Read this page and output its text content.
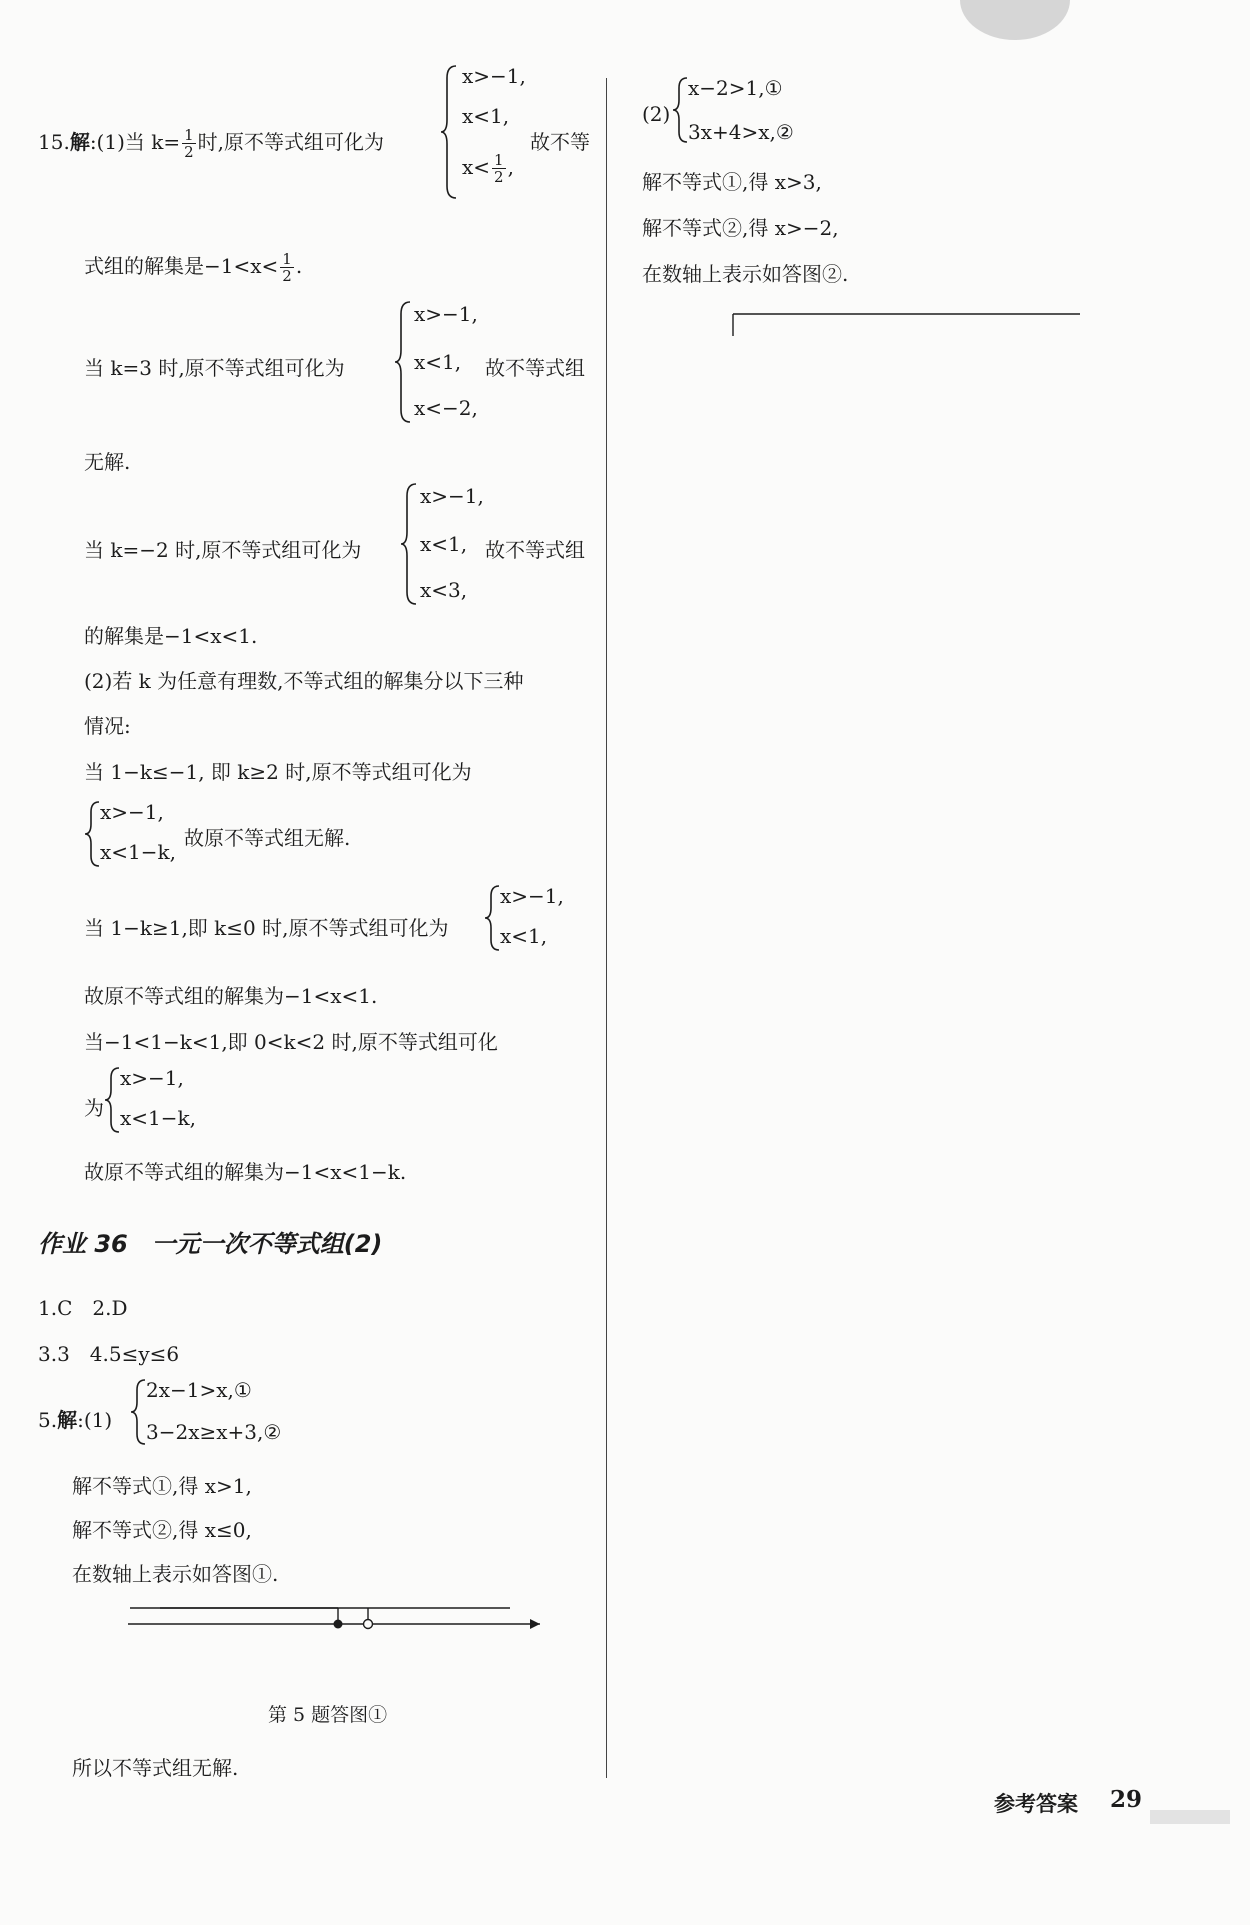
15.解:(1)当 $k= \frac{1}{2}$ 时,原不等式组可化为
x>−1,
x<1,
$x< \frac{1}{2}$ ,
故不等
式组的解集是$-1<x< \frac{1}{2}$ .
当 k=3 时,原不等式组可化为
x>−1,
x<1,
x<−2,
故不等式组
无解.
当 k=−2 时,原不等式组可化为
x>−1,
x<1,
x<3,
故不等式组
的解集是−1<x<1.
(2)若 k 为任意有理数,不等式组的解集分以下三种
情况:
当 1−k≤−1, 即 k≥2 时,原不等式组可化为
x>−1,
x<1−k,
故原不等式组无解.
当 1−k≥1,即 k≤0 时,原不等式组可化为
x>−1,
x<1,
故原不等式组的解集为−1<x<1.
当−1<1−k<1,即 0<k<2 时,原不等式组可化
为
x>−1,
x<1−k,
故原不等式组的解集为−1<x<1−k.
作业 36　一元一次不等式组(2)
1.C　2.D
3.3　4.5≤y≤6
5.解:(1)
2x−1>x,①
3−2x≥x+3,②
解不等式①,得 x>1,
解不等式②,得 x≤0,
在数轴上表示如答图①.
第 5 题答图①
所以不等式组无解.
(2)
x−2>1,①
3x+4>x,②
解不等式①,得 x>3,
解不等式②,得 x>−2,
在数轴上表示如答图②.
参考答案 29
